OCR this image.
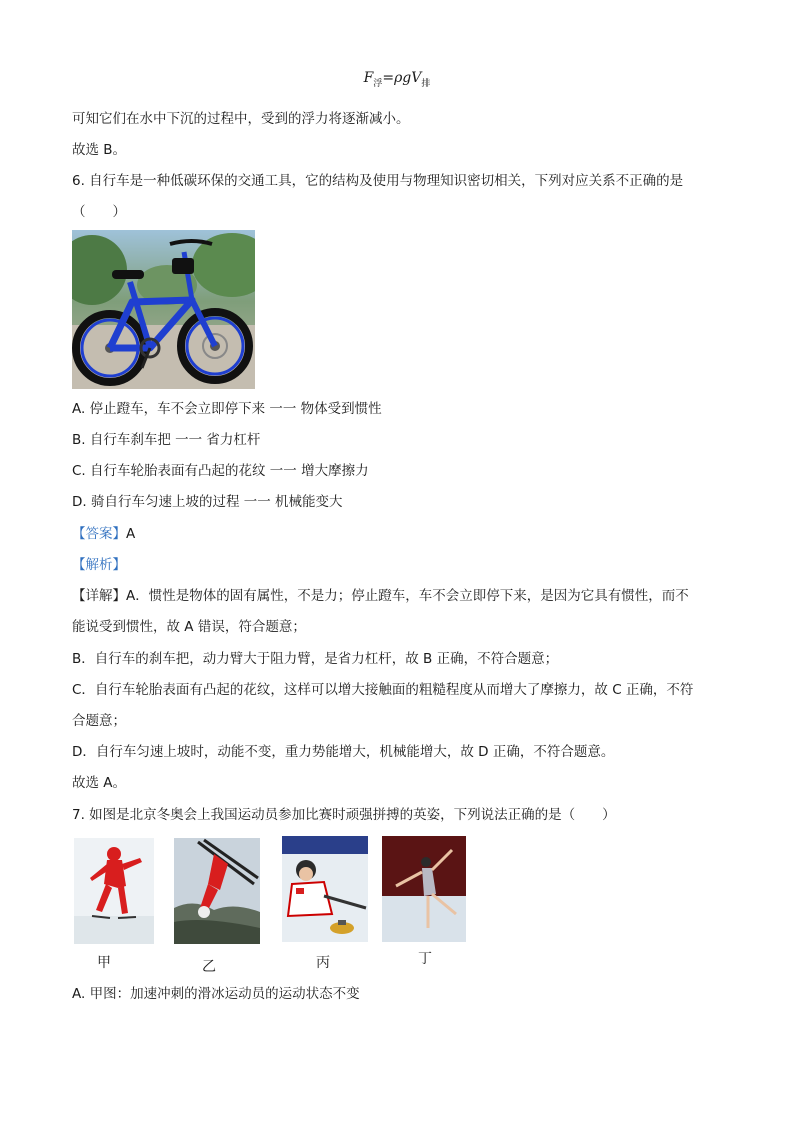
$F_浮=\rho gV_排$
可知它们在水中下沉的过程中，受到的浮力将逐渐减小。
故选 B。
6. 自行车是一种低碳环保的交通工具，它的结构及使用与物理知识密切相关，下列对应关系不正确的是
（　　）
A. 停止蹬车，车不会立即停下来 一一 物体受到惯性
B. 自行车刹车把 一一 省力杠杆
C. 自行车轮胎表面有凸起的花纹 一一 增大摩擦力
D. 骑自行车匀速上坡的过程 一一 机械能变大
【答案】A
【解析】
【详解】A．惯性是物体的固有属性，不是力；停止蹬车，车不会立即停下来，是因为它具有惯性，而不
能说受到惯性，故 A 错误，符合题意；
B．自行车的刹车把，动力臂大于阻力臂，是省力杠杆，故 B 正确，不符合题意；
C．自行车轮胎表面有凸起的花纹，这样可以增大接触面的粗糙程度从而增大了摩擦力，故 C 正确，不符
合题意；
D．自行车匀速上坡时，动能不变，重力势能增大，机械能增大，故 D 正确，不符合题意。
故选 A。
7. 如图是北京冬奥会上我国运动员参加比赛时顽强拼搏的英姿，下列说法正确的是（　　）
甲	乙	丙	丁
A. 甲图：加速冲刺的滑冰运动员的运动状态不变
